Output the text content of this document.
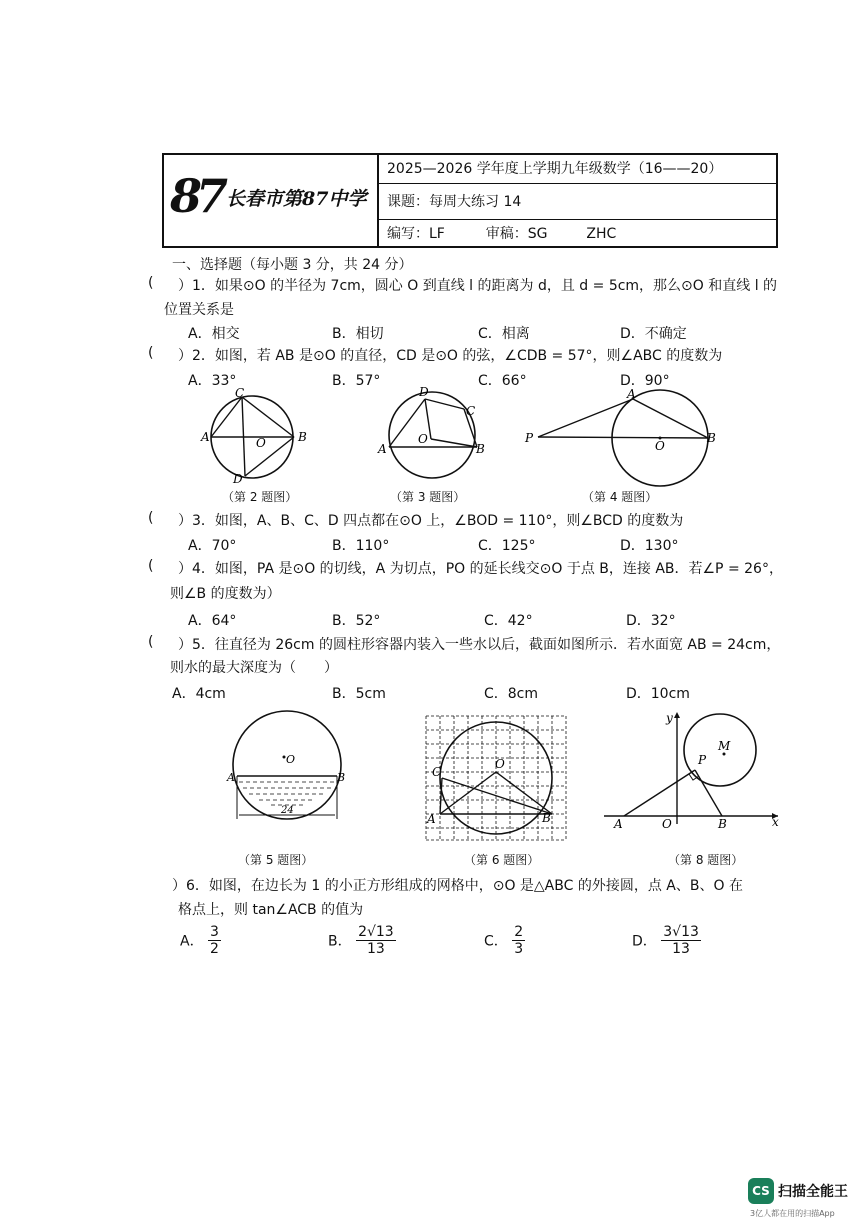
87 长春市第87中学
2025—2026 学年度上学期九年级数学（16——20）
课题：每周大练习 14
编写：LF	审稿：SG	ZHC
一、选择题（每小题 3 分，共 24 分）
( ）1．如果⊙O 的半径为 7cm，圆心 O 到直线 l 的距离为 d，且 d = 5cm，那么⊙O 和直线 l 的
位置关系是
A．相交	B．相切	C．相离	D．不确定
( ）2．如图，若 AB 是⊙O 的直径，CD 是⊙O 的弦，∠CDB = 57°，则∠ABC 的度数为
A．33°	B．57°	C．66°	D．90°
C
A	B
O
D
（第 2 题图）
D
C
O
A	B
（第 3 题图）
P
A
O
B
（第 4 题图）
( ）3．如图，A、B、C、D 四点都在⊙O 上，∠BOD = 110°，则∠BCD 的度数为
A．70°	B．110°	C．125°	D．130°
( ）4．如图，PA 是⊙O 的切线，A 为切点，PO 的延长线交⊙O 于点 B，连接 AB．若∠P = 26°，
则∠B 的度数为）
A．64°	B．52°	C．42°	D．32°
( ）5．往直径为 26cm 的圆柱形容器内装入一些水以后，截面如图所示．若水面宽 AB = 24cm，
则水的最大深度为（　　）
A．4cm	B．5cm	C．8cm	D．10cm
O
A	B
24
（第 5 题图）
C
O
A	B
（第 6 题图）
y
x
M
P
A	O	B
（第 8 题图）
）6．如图，在边长为 1 的小正方形组成的网格中，⊙O 是△ABC 的外接圆，点 A、B、O 在
格点上，则 tan∠ACB 的值为
A． $\frac{3}{2}$	B． $\frac{2√13}{13}$	C． $\frac{2}{3}$	D． $\frac{3√13}{13}$
CS 扫描全能王
3亿人都在用的扫描App
